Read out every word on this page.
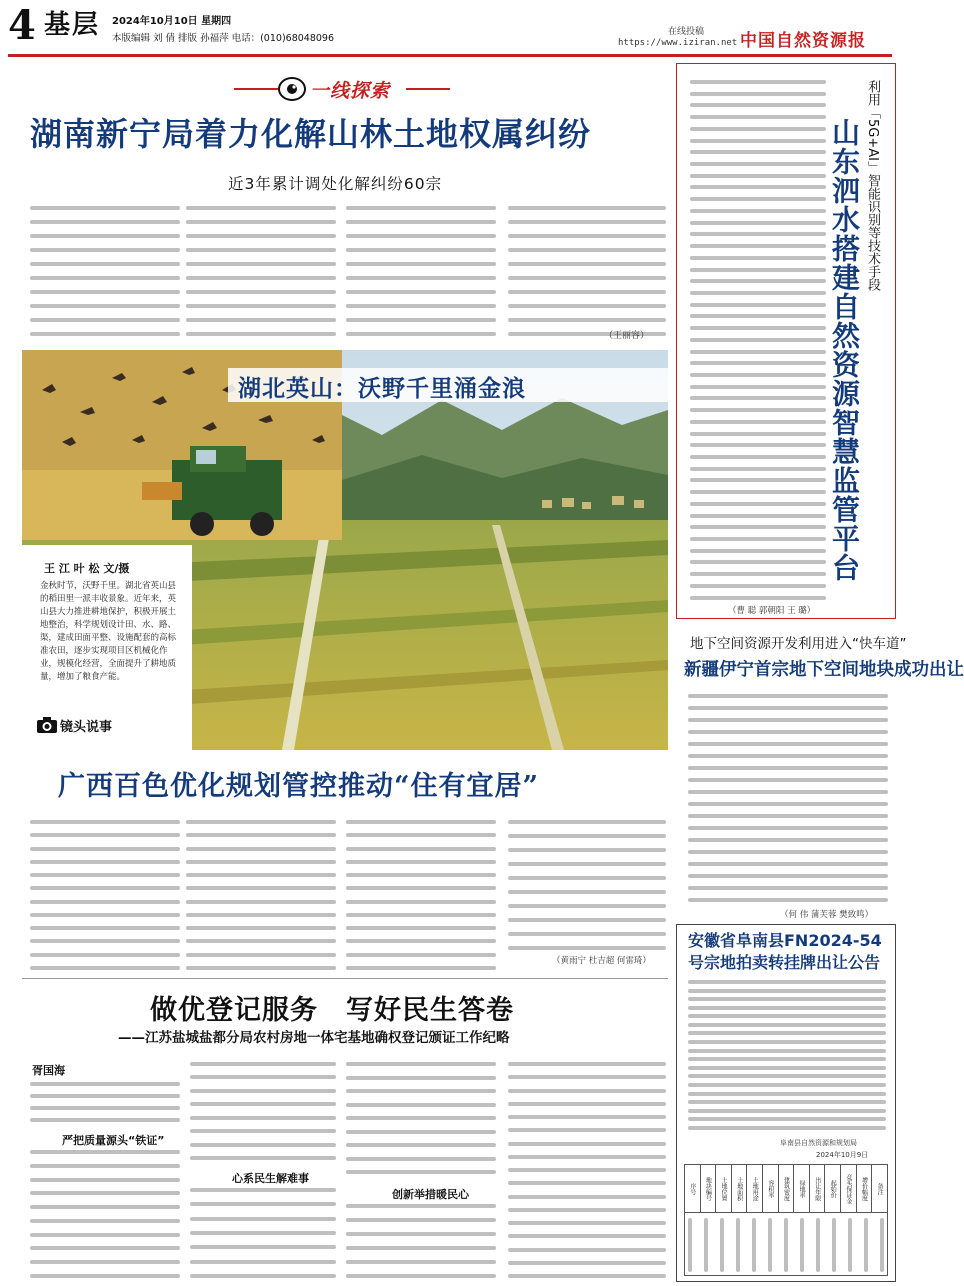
4 基层 2024年10月10日 星期四
本版编辑 刘 倩 排版 孙福萍 电话：(010)68048096
在线投稿
https://www.iziran.net 中国自然资源报
一线探索
湖南新宁局着力化解山林土地权属纠纷
近3年累计调处化解纠纷60宗
（王丽容）
（曹 聪 郭朝阳 王 璐）
利用「5G+AI」智能识别等技术手段
山东泗水搭建自然资源智慧监管平台
湖北英山：沃野千里涌金浪
王 江 叶 松 文/摄
金秋时节，沃野千里。湖北省英山县的稻田里一派丰收景象。近年来，英山县大力推进耕地保护，积极开展土地整治，科学规划设计田、水、路、渠，建成田面平整、设施配套的高标准农田，逐步实现项目区机械化作业，规模化经营，全面提升了耕地质量，增加了粮食产能。
镜头说事
广西百色优化规划管控推动“住有宜居”
（黄雨宁 杜吉超 何雷琦）
做优登记服务　写好民生答卷
——江苏盐城盐都分局农村房地一体宅基地确权登记颁证工作纪略
胥国海
严把质量源头“铁证”
心系民生解难事
创新举措暖民心
地下空间资源开发利用进入“快车道”
新疆伊宁首宗地下空间地块成功出让
（何 伟 蒲芙蓉 樊致鸣）
安徽省阜南县FN2024-54号宗地拍卖转挂牌出让公告
阜南县自然资源和规划局
2024年10月9日
序号	地块编号	土地位置	土地面积	土地用途	容积率	建筑密度	绿地率	出让年限	起始价	竞买保证金	增价幅度	备注
